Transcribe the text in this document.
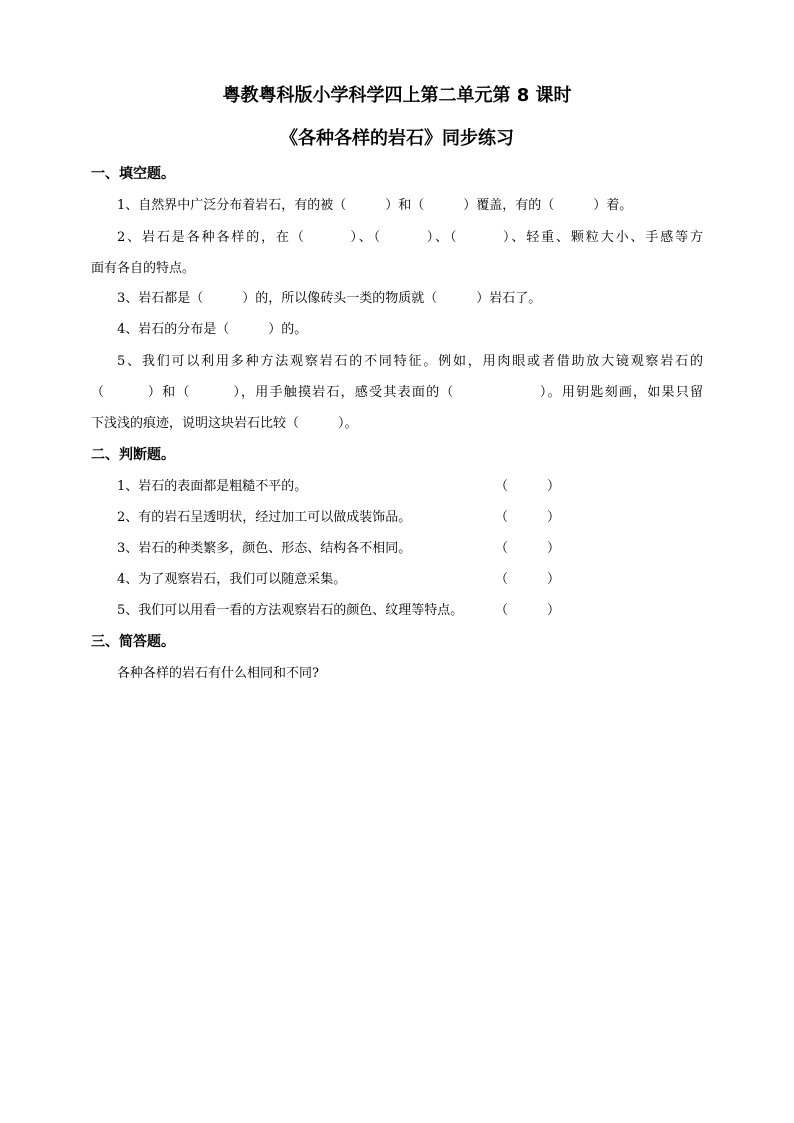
粤教粤科版小学科学四上第二单元第 8 课时
《各种各样的岩石》同步练习
一、填空题。
1、自然界中广泛分布着岩石，有的被（　　　）和（　　　）覆盖，有的（　　　）着。
2、岩石是各种各样的，在（　　　）、（　　　）、（　　　）、轻重、颗粒大小、手感等方
面有各自的特点。
3、岩石都是（　　　）的，所以像砖头一类的物质就（　　　）岩石了。
4、岩石的分布是（　　　）的。
5、我们可以利用多种方法观察岩石的不同特征。例如，用肉眼或者借助放大镜观察岩石的
（　　　）和（　　　），用手触摸岩石，感受其表面的（　　　　　　）。用钥匙刻画，如果只留
下浅浅的痕迹，说明这块岩石比较（　　　）。
二、判断题。
1、岩石的表面都是粗糙不平的。	（　　　）
2、有的岩石呈透明状，经过加工可以做成装饰品。	（　　　）
3、岩石的种类繁多，颜色、形态、结构各不相同。	（　　　）
4、为了观察岩石，我们可以随意采集。	（　　　）
5、我们可以用看一看的方法观察岩石的颜色、纹理等特点。 （　　　）
三、简答题。
各种各样的岩石有什么相同和不同?
